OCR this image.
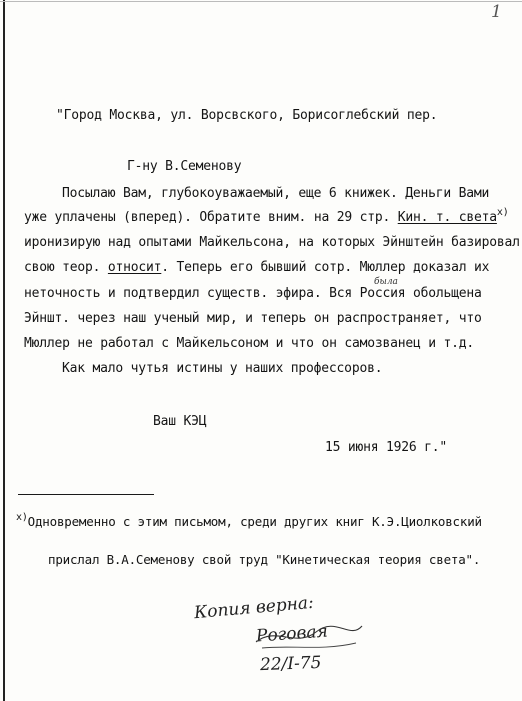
1
"Город Москва, ул. Ворсвского, Борисоглебский пер.
Г-ну В.Семенову
Посылаю Вам, глубокоуважаемый, еще 6 книжек. Деньги Вами
уже уплачены (вперед). Обратите вним. на 29 стр. Кин. т. света$^{х)}$
иронизирую над опытами Майкельсона, на которых Эйнштейн базировал
свою теор. относит. Теперь его бывший сотр. Мюллер доказал их
неточность и подтвердил существ. эфира. Вся Россия обольщена
была
Эйншт. через наш ученый мир, и теперь он распространяет, что
Мюллер не работал с Майкельсоном и что он самозванец и т.д.
Как мало чутья истины у наших профессоров.
Ваш КЭЦ
15 июня 1926 г."
$^{х)}$Одновременно с этим письмом, среди других книг К.Э.Циолковский
прислал В.А.Семенову свой труд "Кинетическая теория света".
Копия верна:
Роговая
22/I-75
